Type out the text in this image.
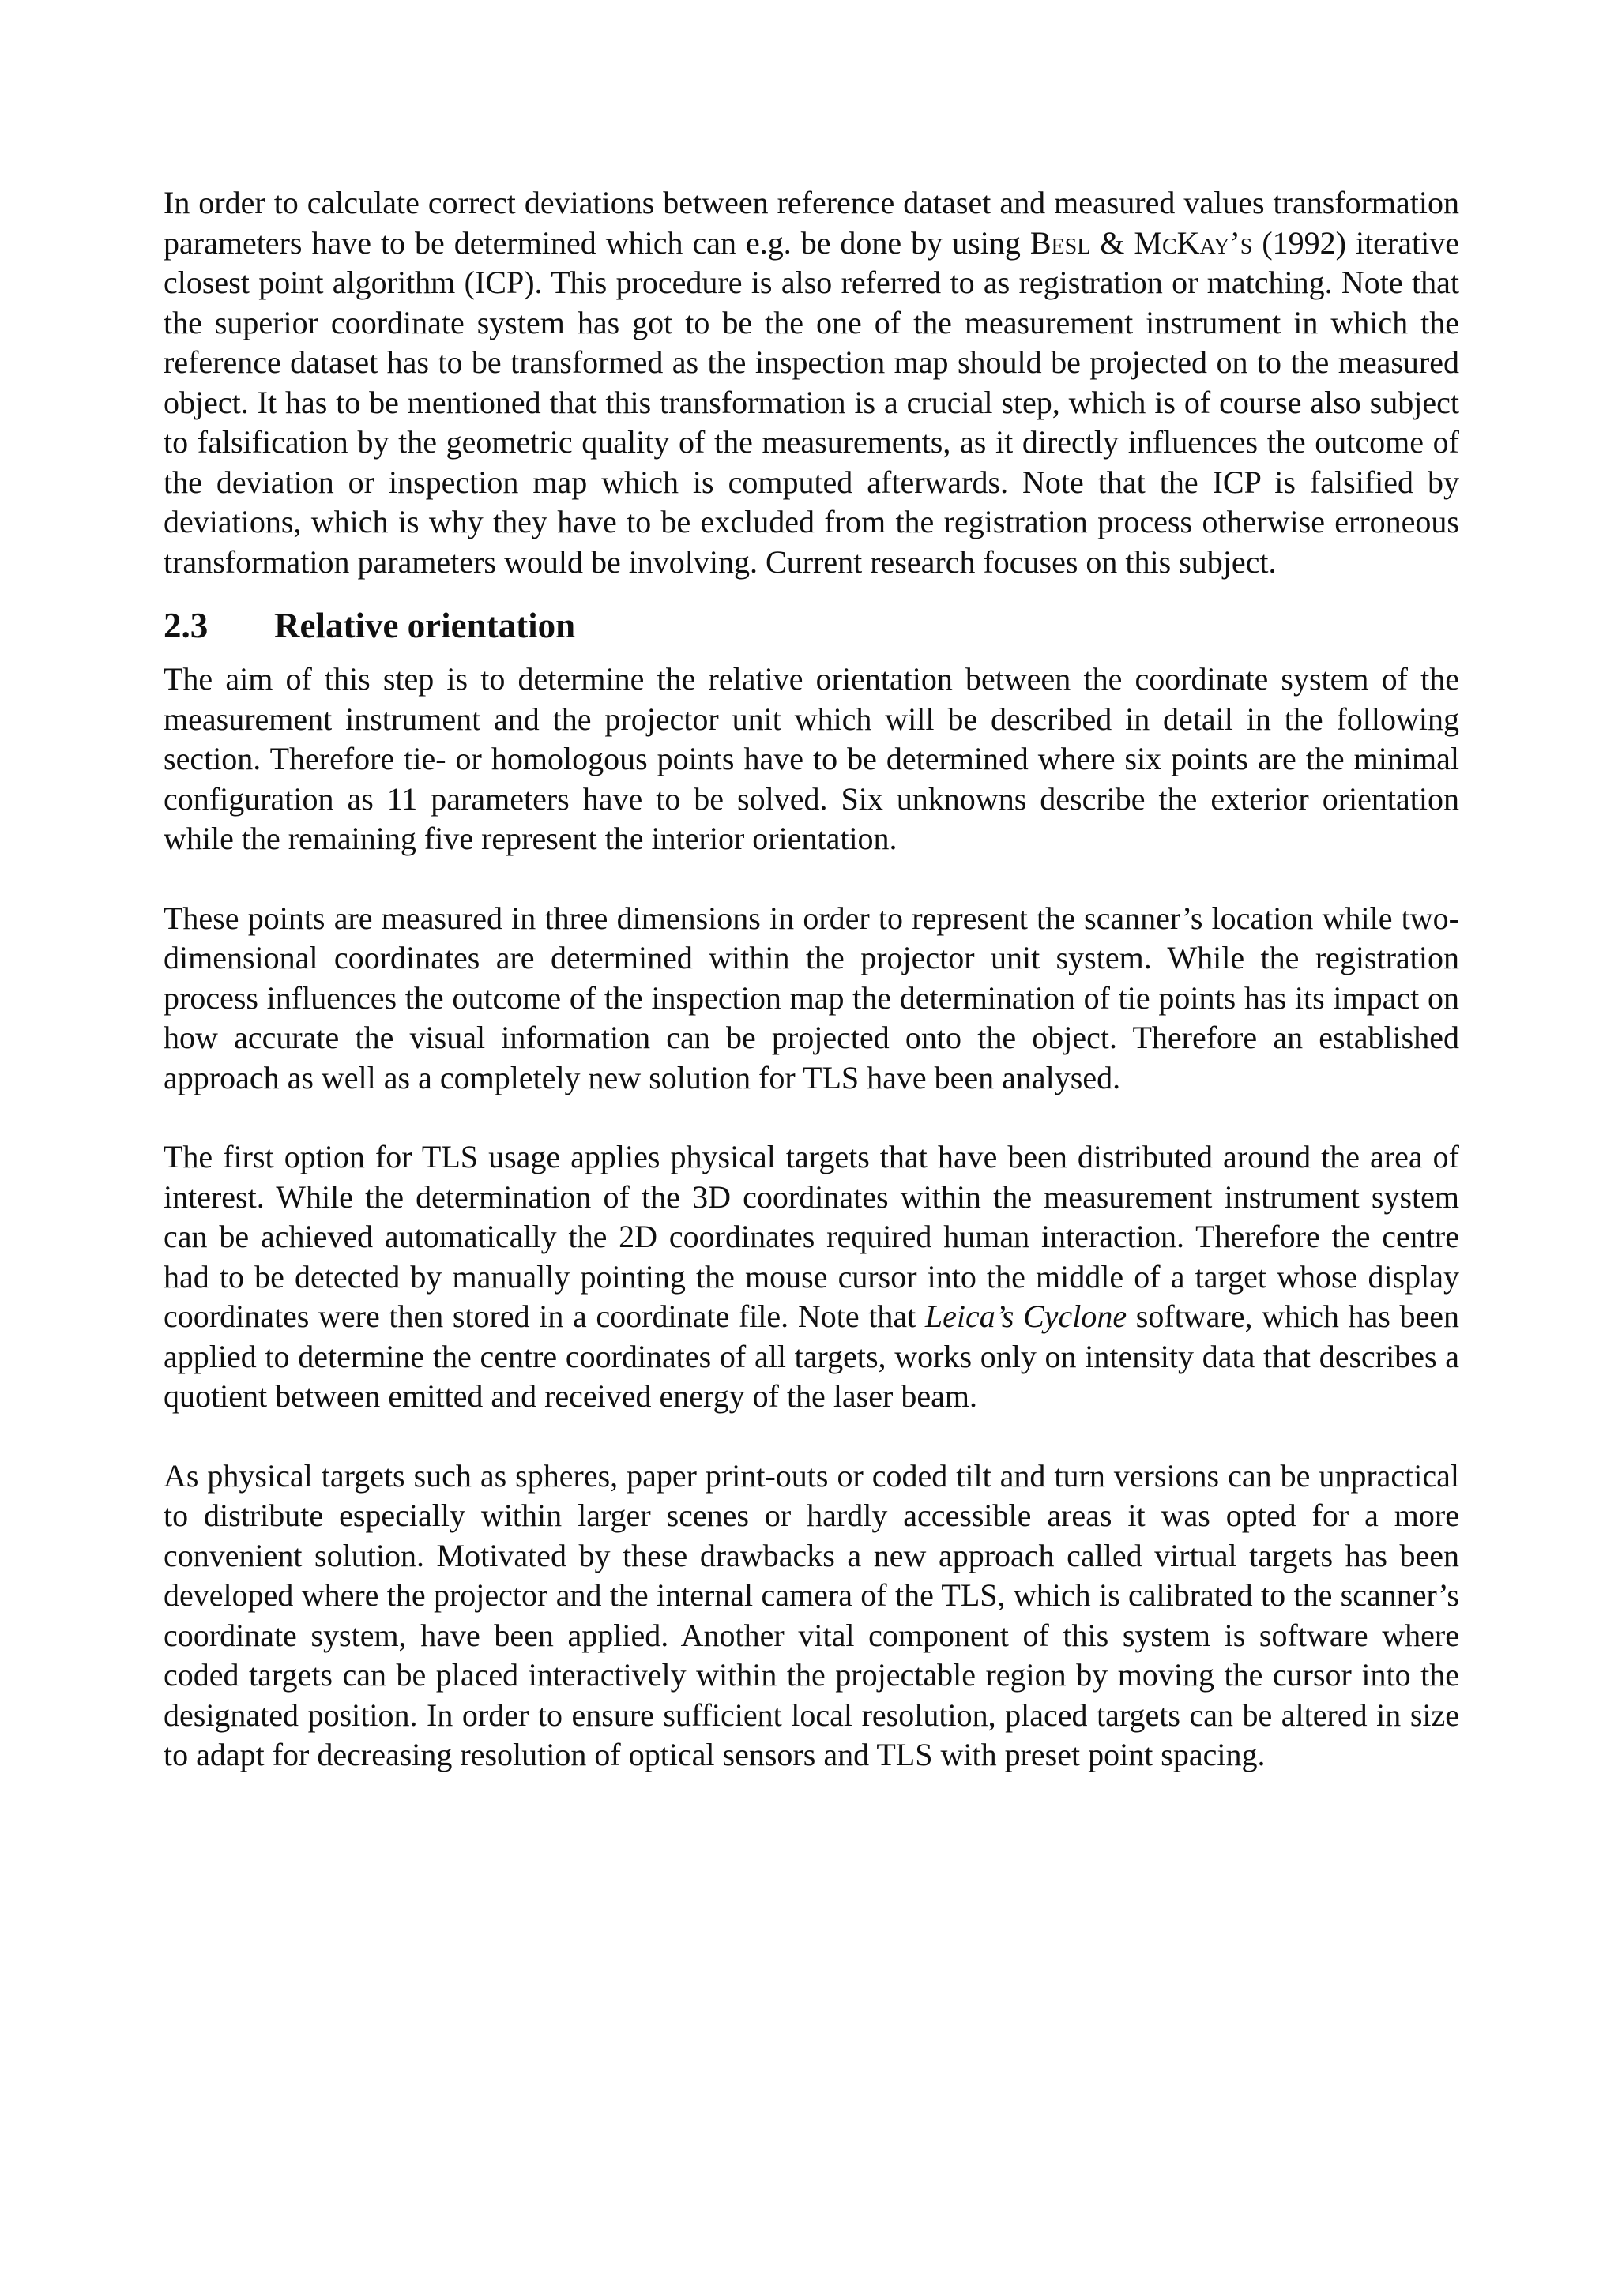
In order to calculate correct deviations between reference dataset and measured values transformation parameters have to be determined which can e.g. be done by using Besl & McKay’s (1992) iterative closest point algorithm (ICP). This procedure is also referred to as registration or matching. Note that the superior coordinate system has got to be the one of the measurement instrument in which the reference dataset has to be transformed as the inspection map should be projected on to the measured object. It has to be mentioned that this transformation is a crucial step, which is of course also subject to falsification by the geometric quality of the measurements, as it directly influences the outcome of the deviation or inspection map which is computed afterwards. Note that the ICP is falsified by deviations, which is why they have to be excluded from the registration process otherwise erroneous transformation parameters would be involving. Current research focuses on this subject.

2.3	Relative orientation

The aim of this step is to determine the relative orientation between the coordinate system of the measurement instrument and the projector unit which will be described in detail in the following section. Therefore tie- or homologous points have to be determined where six points are the minimal configuration as 11 parameters have to be solved. Six unknowns describe the exterior orientation while the remaining five represent the interior orientation.

These points are measured in three dimensions in order to represent the scanner’s location while two-dimensional coordinates are determined within the projector unit system. While the registration process influences the outcome of the inspection map the determination of tie points has its impact on how accurate the visual information can be projected onto the object. Therefore an established approach as well as a completely new solution for TLS have been analysed.

The first option for TLS usage applies physical targets that have been distributed around the area of interest. While the determination of the 3D coordinates within the measurement instrument system can be achieved automatically the 2D coordinates required human interaction. Therefore the centre had to be detected by manually pointing the mouse cursor into the middle of a target whose display coordinates were then stored in a coordinate file. Note that Leica’s Cyclone software, which has been applied to determine the centre coordinates of all targets, works only on intensity data that describes a quotient between emitted and received energy of the laser beam.

As physical targets such as spheres, paper print-outs or coded tilt and turn versions can be unpractical to distribute especially within larger scenes or hardly accessible areas it was opted for a more convenient solution. Motivated by these drawbacks a new approach called virtual targets has been developed where the projector and the internal camera of the TLS, which is calibrated to the scanner’s coordinate system, have been applied. Another vital component of this system is software where coded targets can be placed interactively within the projectable region by moving the cursor into the designated position. In order to ensure sufficient local resolution, placed targets can be altered in size to adapt for decreasing resolution of optical sensors and TLS with preset point spacing.
